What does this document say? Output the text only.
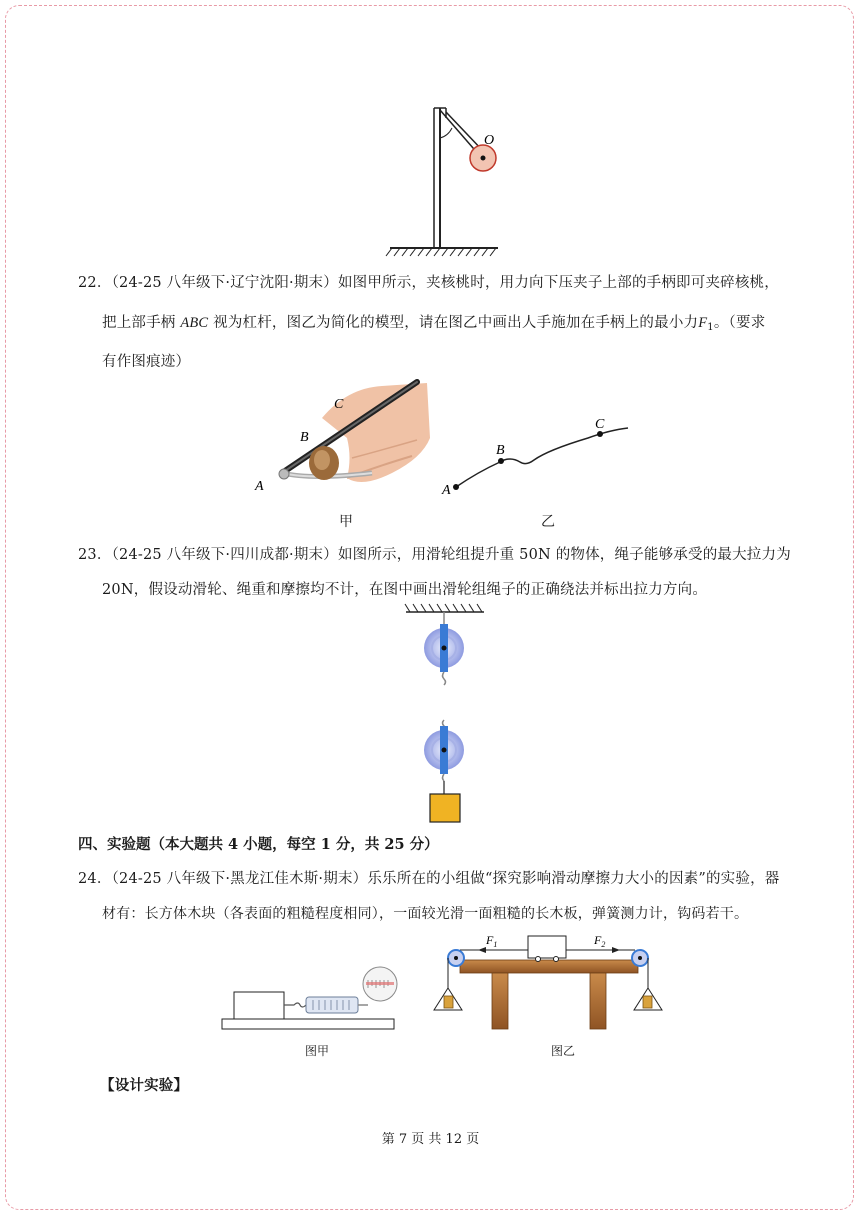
O
22．（24-25 八年级下·辽宁沈阳·期末）如图甲所示，夹核桃时，用力向下压夹子上部的手柄即可夹碎核桃，
把上部手柄 ABC 视为杠杆，图乙为简化的模型，请在图乙中画出人手施加在手柄上的最小力$F_1$。（要求
有作图痕迹）
C
B
A	A
B
C
甲	乙
23．（24-25 八年级下·四川成都·期末）如图所示，用滑轮组提升重 50N 的物体，绳子能够承受的最大拉力为
20N，假设动滑轮、绳重和摩擦均不计，在图中画出滑轮组绳子的正确绕法并标出拉力方向。
四、实验题（本大题共 4 小题，每空 1 分，共 25 分）
24．（24-25 八年级下·黑龙江佳木斯·期末）乐乐所在的小组做“探究影响滑动摩擦力大小的因素”的实验，器
材有：长方体木块（各表面的粗糙程度相同），一面较光滑一面粗糙的长木板，弹簧测力计，钩码若干。
$F_1$	$F_2$
图甲	图乙
【设计实验】
第 7 页 共 12 页
